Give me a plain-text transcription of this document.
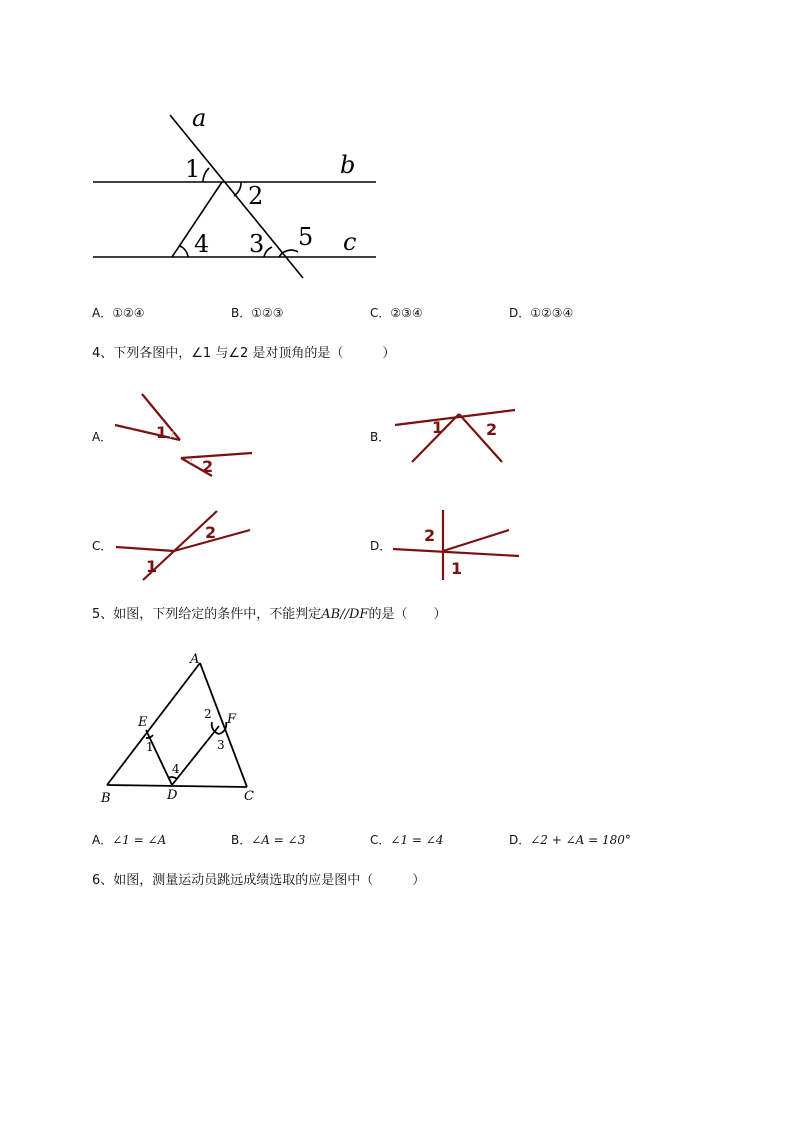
a
b
c
1
2
4 3 5
A．①②④	B．①②③	C．②③④	D．①②③④
4、下列各图中，∠1 与∠2 是对顶角的是（　　　）
A．	1
2
B．	1	2
C．
1
2
D．
2
1
5、如图，下列给定的条件中，不能判定AB//DF的是（　　）
A
B	C
D
E	F
1
2
3
4
A．∠1 = ∠A	B．∠A = ∠3	C．∠1 = ∠4	D．∠2 + ∠A = 180°
6、如图，测量运动员跳远成绩选取的应是图中（　　　）
